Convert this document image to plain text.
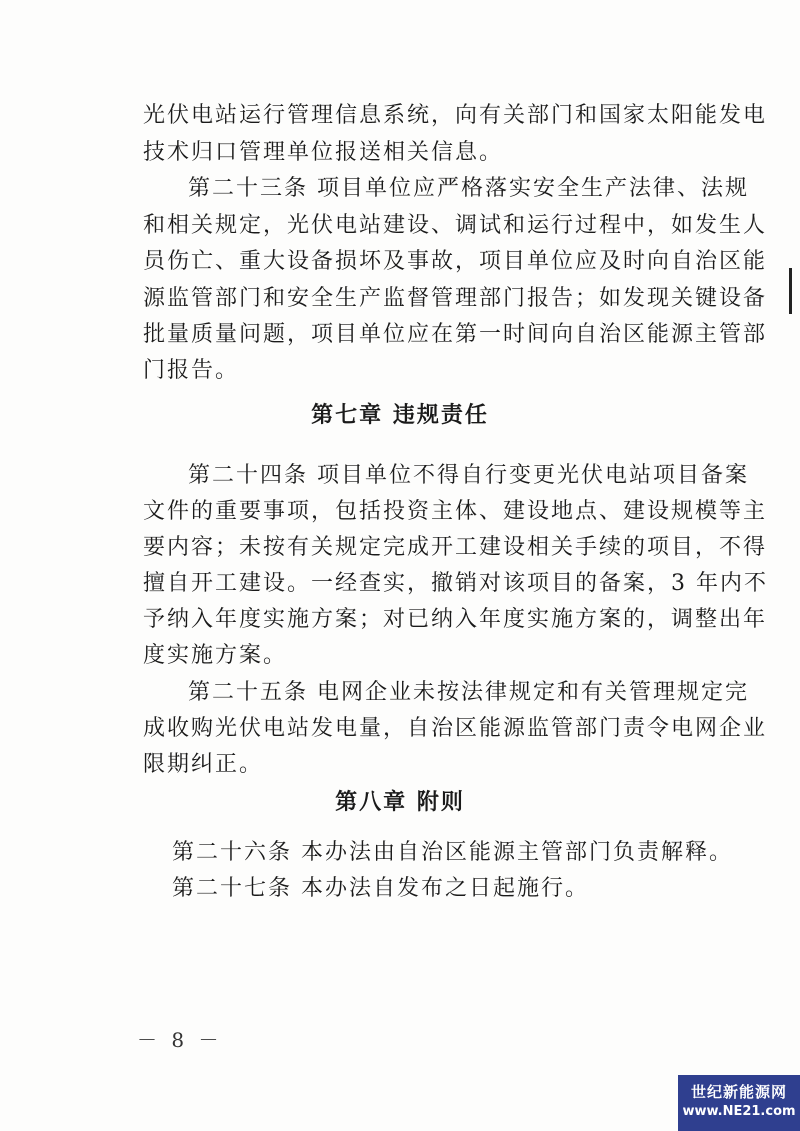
光伏电站运行管理信息系统，向有关部门和国家太阳能发电
技术归口管理单位报送相关信息。
第二十三条 项目单位应严格落实安全生产法律、法规
和相关规定，光伏电站建设、调试和运行过程中，如发生人
员伤亡、重大设备损坏及事故，项目单位应及时向自治区能
源监管部门和安全生产监督管理部门报告；如发现关键设备
批量质量问题，项目单位应在第一时间向自治区能源主管部
门报告。
第七章 违规责任
第二十四条 项目单位不得自行变更光伏电站项目备案
文件的重要事项，包括投资主体、建设地点、建设规模等主
要内容；未按有关规定完成开工建设相关手续的项目，不得
擅自开工建设。一经查实，撤销对该项目的备案，3 年内不
予纳入年度实施方案；对已纳入年度实施方案的，调整出年
度实施方案。
第二十五条 电网企业未按法律规定和有关管理规定完
成收购光伏电站发电量，自治区能源监管部门责令电网企业
限期纠正。
第八章 附则
第二十六条 本办法由自治区能源主管部门负责解释。
第二十七条 本办法自发布之日起施行。
－ 8 －
世纪新能源网
www.NE21.com
